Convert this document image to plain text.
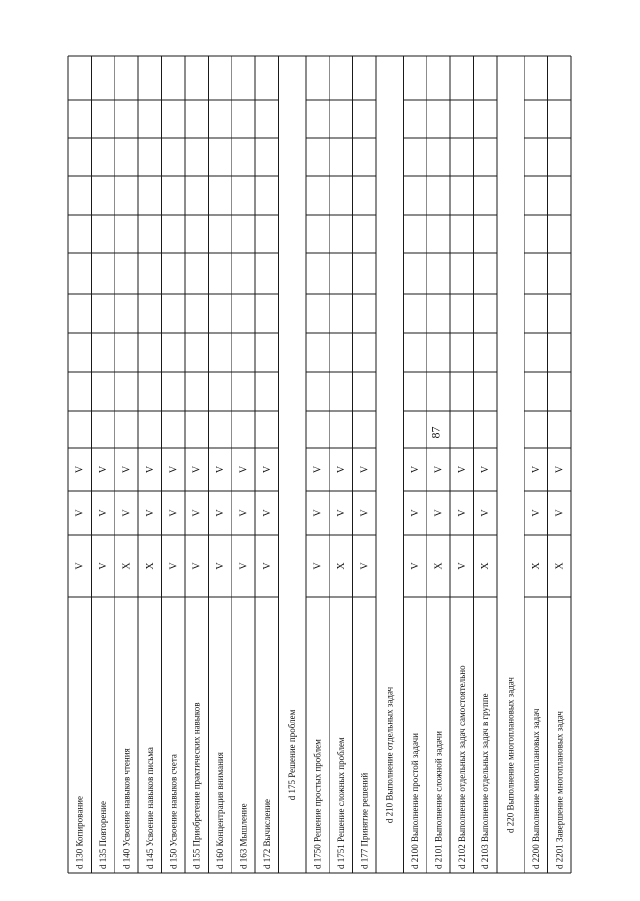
87
d 130 Копирование
V
V
V
d 135 Повторение
V
V
V
d 140 Усвоение навыков чтения
X
V
V
d 145 Усвоение навыков письма
X
V
V
d 150 Усвоение навыков счета
V
V
V
d 155 Приобретение практических навыков
V
V
V
d 160 Концентрация внимания
V
V
V
d 163 Мышление
V
V
V
d 172 Вычисление
V
V
V
d 175 Решение проблем d 1750 Решение простых проблем
V
V
V
d 1751 Решение сложных проблем
X
V
V
d 177 Принятие решений
V
V
V
d 210 Выполнение отдельных задач d 2100 Выполнение простой задачи
V
V
V
d 2101 Выполнение сложной задачи
X
V
V
d 2102 Выполнение отдельных задач самостоятельно
V
V
V
d 2103 Выполнение отдельных задач в группе
X
V
V
d 220 Выполнение многоплановых задач d 2200 Выполнение многоплановых задач
X
V
V
d 2201 Завершение многоплановых задач
X
V
V
